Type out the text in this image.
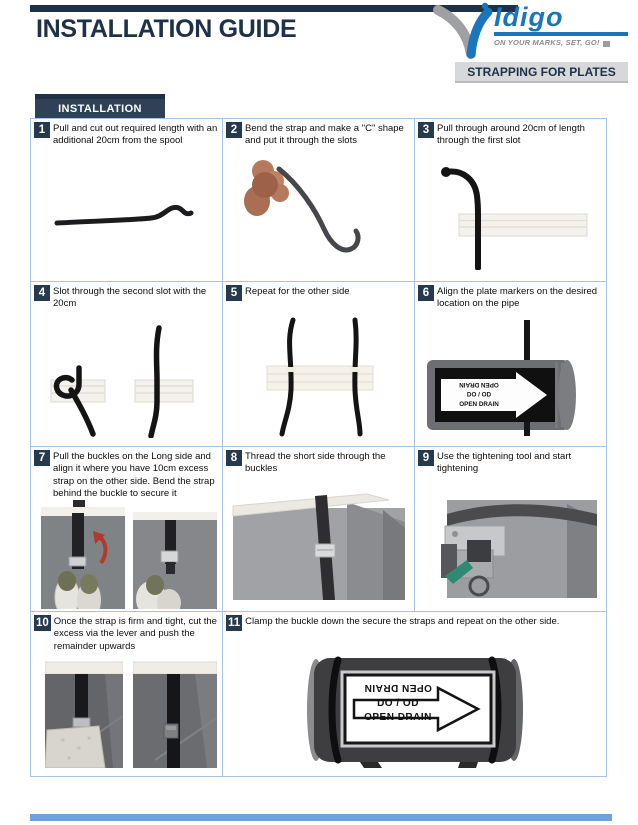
INSTALLATION GUIDE	Idigo
ON YOUR MARKS, SET, GO!
STRAPPING FOR PLATES
INSTALLATION
1 Pull and cut out required length with an additional 20cm from the spool
2 Bend the strap and make a "C" shape and put it through the slots
3 Pull through around 20cm of length through the first slot
4 Slot through the second slot with the 20cm
5 Repeat for the other side	6 Align the plate markers on the desired location on the pipe
OPEN DRAIN
DO / OD
OPEN DRAIN
7 Pull the buckles on the Long side and align it where you have 10cm excess strap on the other side. Bend the strap behind the buckle to secure it
8 Thread the short side through the buckles
9 Use the tightening tool and start tightening
10 Once the strap is firm and tight, cut the excess via the lever and push the remainder upwards
11 Clamp the buckle down the secure the straps and repeat on the other side.
OPEN DRAIN
DO / OD
OPEN DRAIN
